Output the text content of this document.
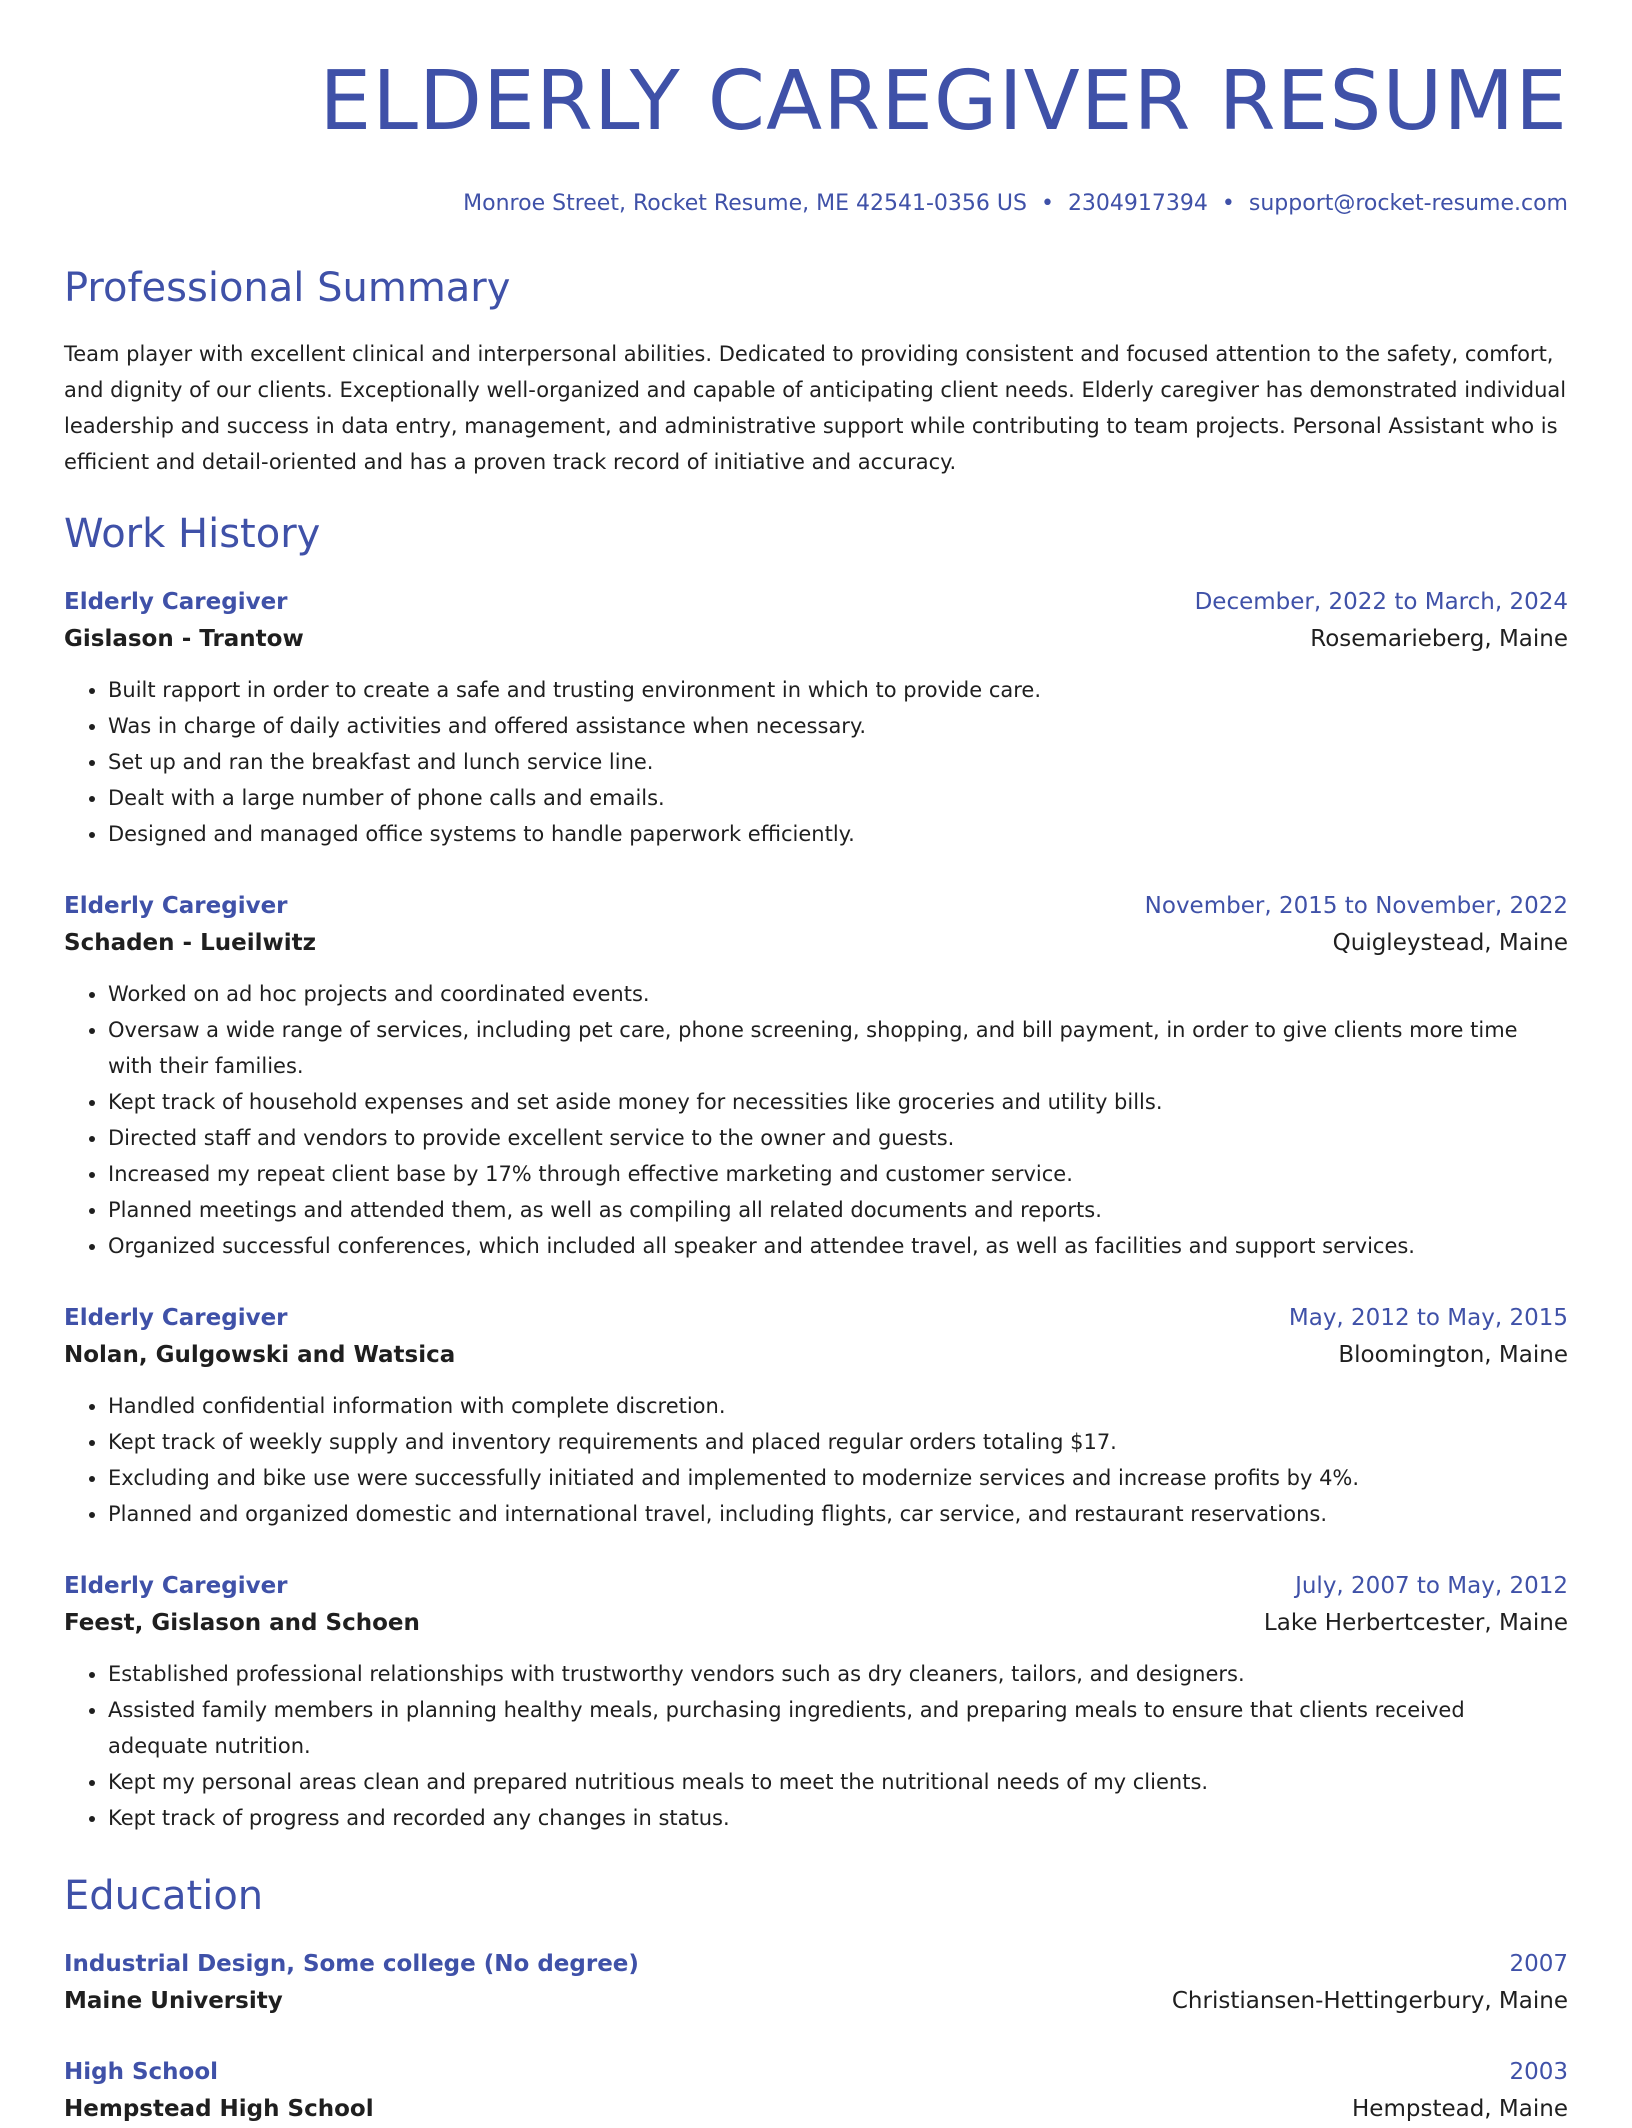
ELDERLY CAREGIVER RESUME
Monroe Street, Rocket Resume, ME 42541-0356 US • 2304917394 • support@rocket-resume.com
Professional Summary
Team player with excellent clinical and interpersonal abilities. Dedicated to providing consistent and focused attention to the safety, comfort, and dignity of our clients. Exceptionally well-organized and capable of anticipating client needs. Elderly caregiver has demonstrated individual leadership and success in data entry, management, and administrative support while contributing to team projects. Personal Assistant who is efficient and detail-oriented and has a proven track record of initiative and accuracy.
Work History
Elderly Caregiver	December, 2022 to March, 2024
Gislason - Trantow	Rosemarieberg, Maine
• Built rapport in order to create a safe and trusting environment in which to provide care.
• Was in charge of daily activities and offered assistance when necessary.
• Set up and ran the breakfast and lunch service line.
• Dealt with a large number of phone calls and emails.
• Designed and managed office systems to handle paperwork efficiently.
Elderly Caregiver	November, 2015 to November, 2022
Schaden - Lueilwitz	Quigleystead, Maine
• Worked on ad hoc projects and coordinated events.
• Oversaw a wide range of services, including pet care, phone screening, shopping, and bill payment, in order to give clients more time with their families.
• Kept track of household expenses and set aside money for necessities like groceries and utility bills.
• Directed staff and vendors to provide excellent service to the owner and guests.
• Increased my repeat client base by 17% through effective marketing and customer service.
• Planned meetings and attended them, as well as compiling all related documents and reports.
• Organized successful conferences, which included all speaker and attendee travel, as well as facilities and support services.
Elderly Caregiver	May, 2012 to May, 2015
Nolan, Gulgowski and Watsica	Bloomington, Maine
• Handled confidential information with complete discretion.
• Kept track of weekly supply and inventory requirements and placed regular orders totaling $17.
• Excluding and bike use were successfully initiated and implemented to modernize services and increase profits by 4%.
• Planned and organized domestic and international travel, including flights, car service, and restaurant reservations.
Elderly Caregiver	July, 2007 to May, 2012
Feest, Gislason and Schoen	Lake Herbertcester, Maine
• Established professional relationships with trustworthy vendors such as dry cleaners, tailors, and designers.
• Assisted family members in planning healthy meals, purchasing ingredients, and preparing meals to ensure that clients received adequate nutrition.
• Kept my personal areas clean and prepared nutritious meals to meet the nutritional needs of my clients.
• Kept track of progress and recorded any changes in status.
Education
Industrial Design, Some college (No degree)	2007
Maine University	Christiansen-Hettingerbury, Maine
High School	2003
Hempstead High School	Hempstead, Maine
